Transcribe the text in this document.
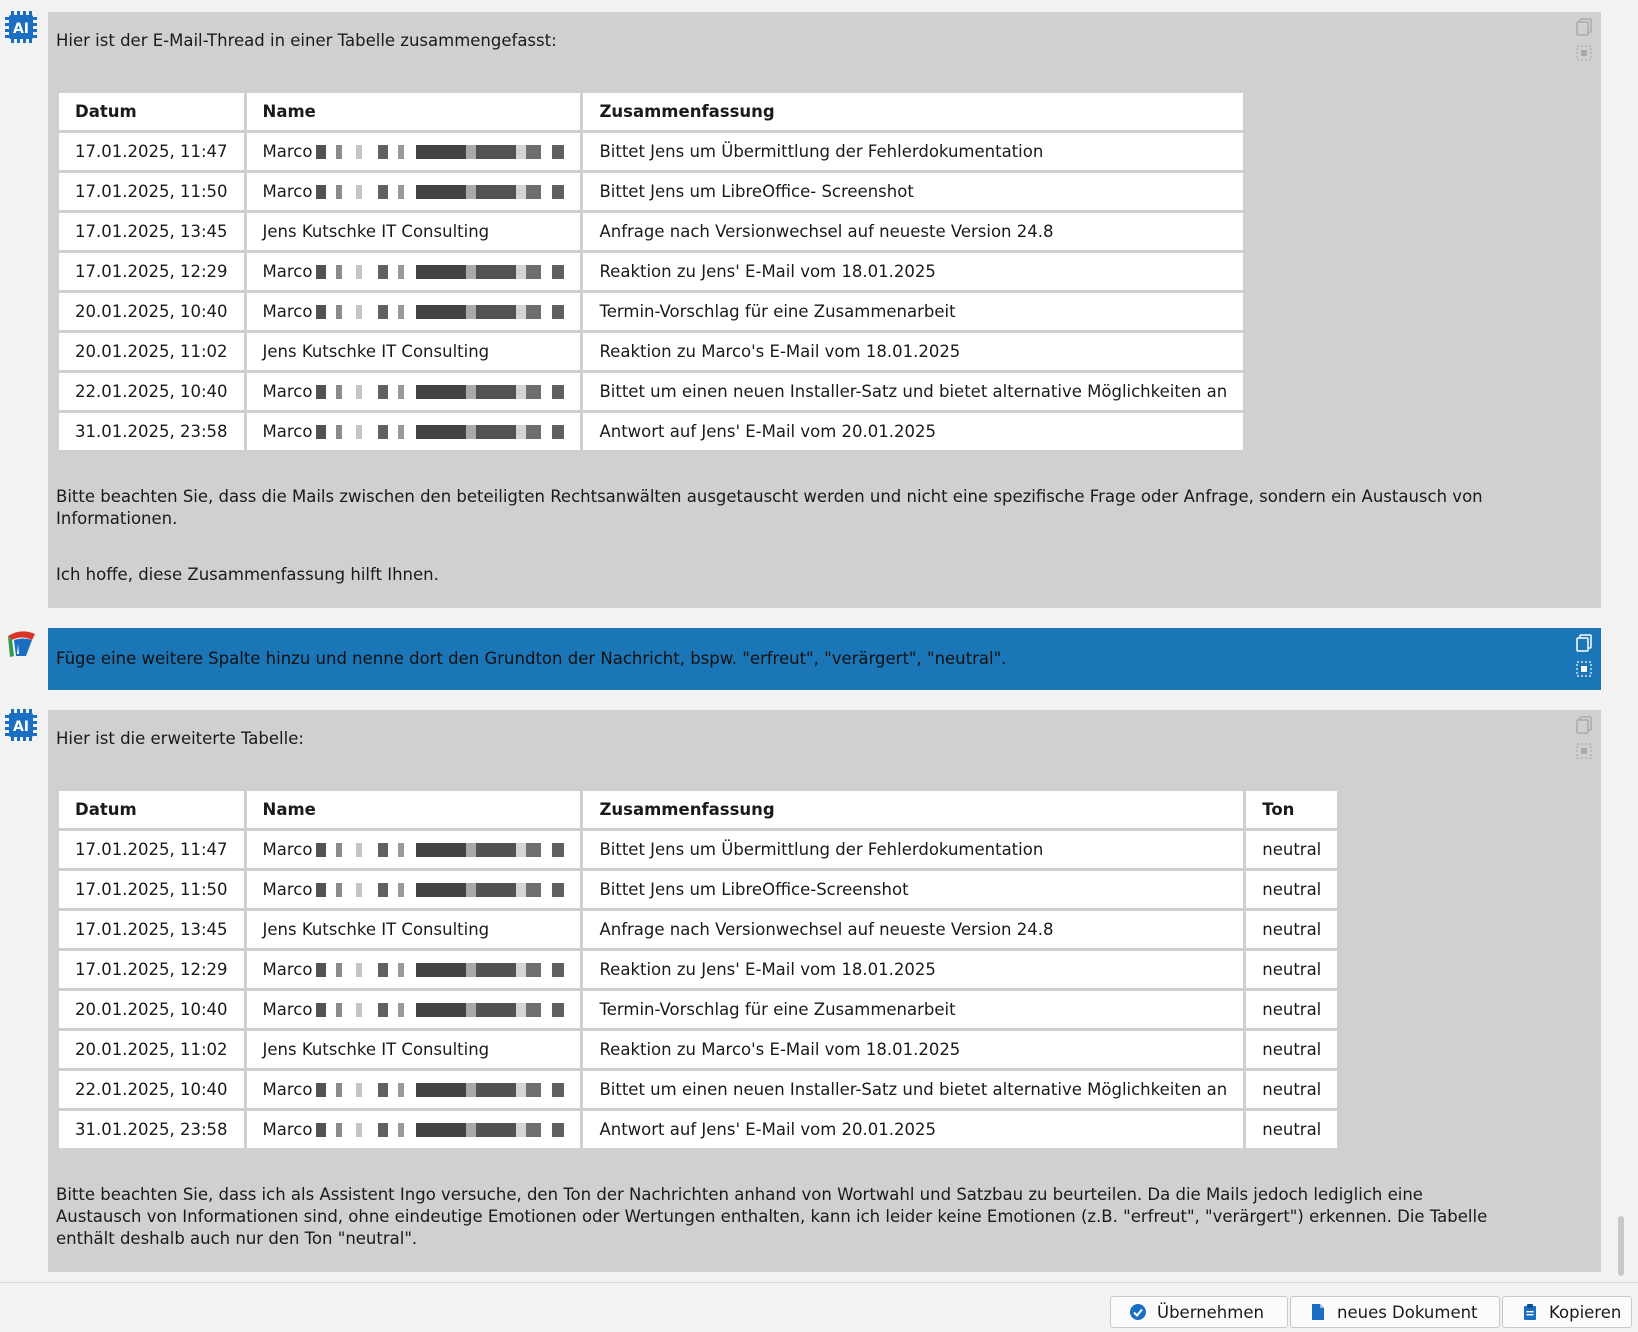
AI
Hier ist der E-Mail-Thread in einer Tabelle zusammengefasst:
Datum	Name	Zusammenfassung
17.01.2025, 11:47	Marco	Bittet Jens um Übermittlung der Fehlerdokumentation
17.01.2025, 11:50	Marco	Bittet Jens um LibreOffice- Screenshot
17.01.2025, 13:45	Jens Kutschke IT Consulting	Anfrage nach Versionwechsel auf neueste Version 24.8
17.01.2025, 12:29	Marco	Reaktion zu Jens' E-Mail vom 18.01.2025
20.01.2025, 10:40	Marco	Termin-Vorschlag für eine Zusammenarbeit
20.01.2025, 11:02	Jens Kutschke IT Consulting	Reaktion zu Marco's E-Mail vom 18.01.2025
22.01.2025, 10:40	Marco	Bittet um einen neuen Installer-Satz und bietet alternative Möglichkeiten an
31.01.2025, 23:58	Marco	Antwort auf Jens' E-Mail vom 20.01.2025
Bitte beachten Sie, dass die Mails zwischen den beteiligten Rechtsanwälten ausgetauscht werden und nicht eine spezifische Frage oder Anfrage, sondern ein Austausch von Informationen.
Ich hoffe, diese Zusammenfassung hilft Ihnen.
Füge eine weitere Spalte hinzu und nenne dort den Grundton der Nachricht, bspw. "erfreut", "verärgert", "neutral".
AI
Hier ist die erweiterte Tabelle:
Datum	Name	Zusammenfassung	Ton
17.01.2025, 11:47	Marco	Bittet Jens um Übermittlung der Fehlerdokumentation	neutral
17.01.2025, 11:50	Marco	Bittet Jens um LibreOffice-Screenshot	neutral
17.01.2025, 13:45	Jens Kutschke IT Consulting	Anfrage nach Versionwechsel auf neueste Version 24.8	neutral
17.01.2025, 12:29	Marco	Reaktion zu Jens' E-Mail vom 18.01.2025	neutral
20.01.2025, 10:40	Marco	Termin-Vorschlag für eine Zusammenarbeit	neutral
20.01.2025, 11:02	Jens Kutschke IT Consulting	Reaktion zu Marco's E-Mail vom 18.01.2025	neutral
22.01.2025, 10:40	Marco	Bittet um einen neuen Installer-Satz und bietet alternative Möglichkeiten an	neutral
31.01.2025, 23:58	Marco	Antwort auf Jens' E-Mail vom 20.01.2025	neutral
Bitte beachten Sie, dass ich als Assistent Ingo versuche, den Ton der Nachrichten anhand von Wortwahl und Satzbau zu beurteilen. Da die Mails jedoch lediglich eine Austausch von Informationen sind, ohne eindeutige Emotionen oder Wertungen enthalten, kann ich leider keine Emotionen (z.B. "erfreut", "verärgert") erkennen. Die Tabelle enthält deshalb auch nur den Ton "neutral".
Übernehmen	neues Dokument	Kopieren
